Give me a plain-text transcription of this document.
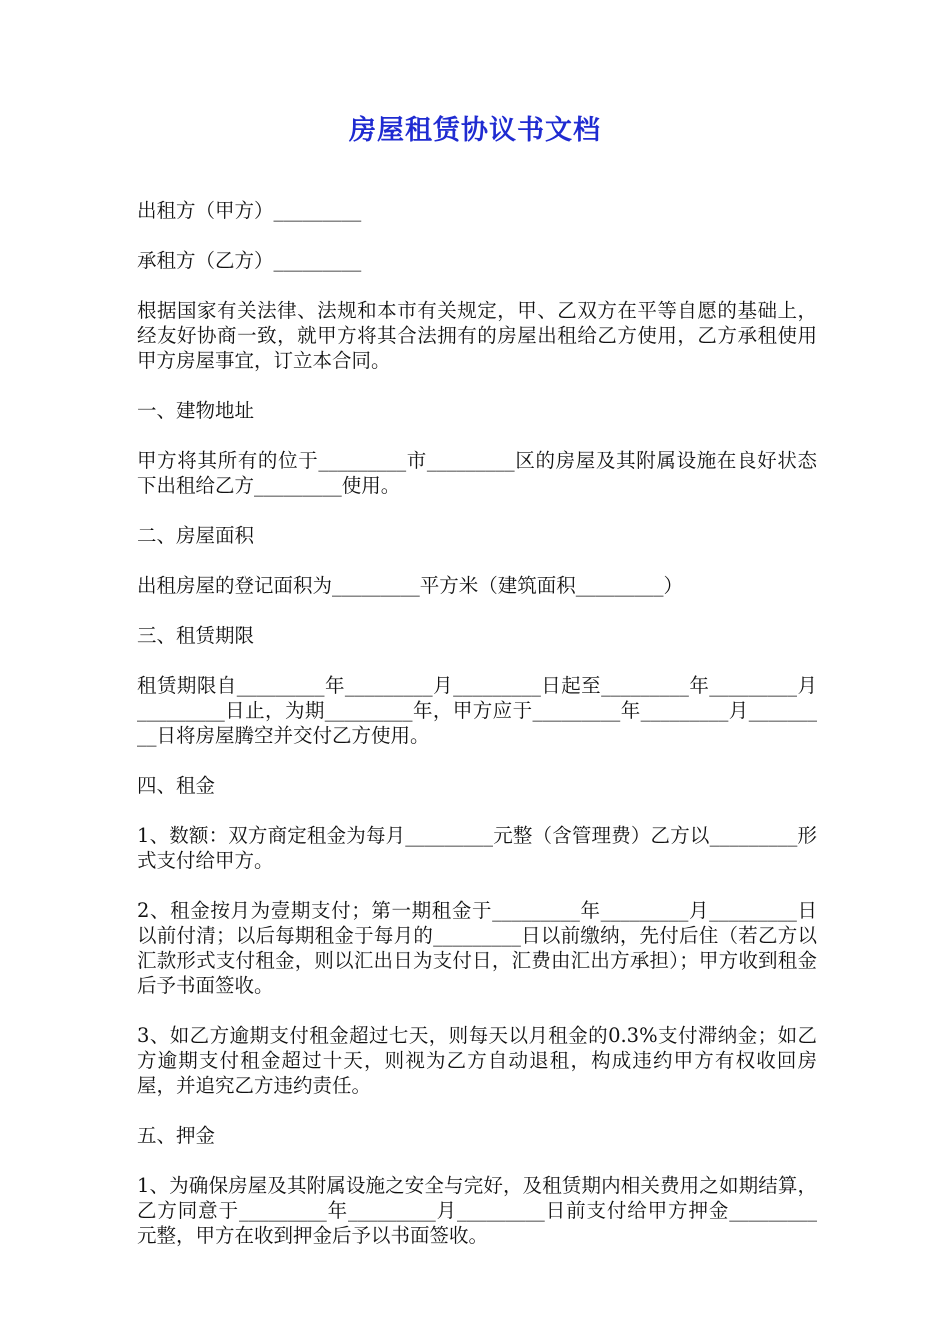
房屋租赁协议书文档

出租方（甲方）_________

承租方（乙方）_________

根据国家有关法律、法规和本市有关规定，甲、乙双方在平等自愿的基础上，经友好协商一致，就甲方将其合法拥有的房屋出租给乙方使用，乙方承租使用甲方房屋事宜，订立本合同。

一、建物地址

甲方将其所有的位于_________市_________区的房屋及其附属设施在良好状态下出租给乙方_________使用。

二、房屋面积

出租房屋的登记面积为_________平方米（建筑面积_________）

三、租赁期限

租赁期限自_________年_________月_________日起至_________年_________月_________日止，为期_________年，甲方应于_________年_________月_________日将房屋腾空并交付乙方使用。

四、租金

1、数额：双方商定租金为每月_________元整（含管理费）乙方以_________形式支付给甲方。

2、租金按月为壹期支付；第一期租金于_________年_________月_________日以前付清；以后每期租金于每月的_________日以前缴纳，先付后住（若乙方以汇款形式支付租金，则以汇出日为支付日，汇费由汇出方承担）；甲方收到租金后予书面签收。

3、如乙方逾期支付租金超过七天，则每天以月租金的0.3%支付滞纳金；如乙方逾期支付租金超过十天，则视为乙方自动退租，构成违约甲方有权收回房屋，并追究乙方违约责任。

五、押金

1、为确保房屋及其附属设施之安全与完好，及租赁期内相关费用之如期结算，乙方同意于_________年_________月_________日前支付给甲方押金_________元整，甲方在收到押金后予以书面签收。
